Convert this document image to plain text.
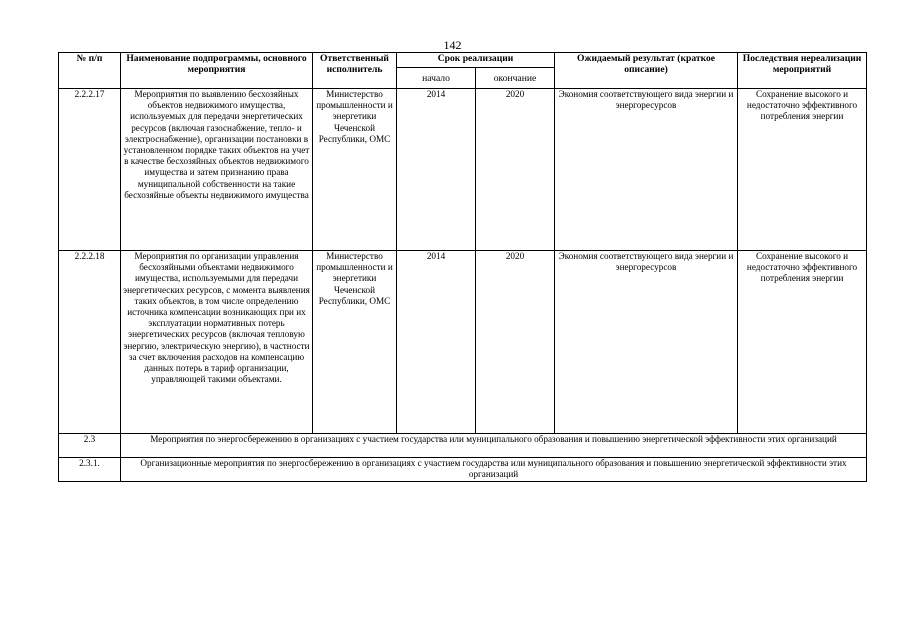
142
№ п/п	Наименование подпрограммы, основного мероприятия	Ответственный исполнитель	Срок реализации		Ожидаемый результат (краткое описание)	Последствия нереализации мероприятий
			начало	окончание		
2.2.2.17	Мероприятия по выявлению бесхозяйных объектов недвижимого имущества, используемых для передачи энергетических ресурсов (включая газоснабжение, тепло- и электроснабжение), организации постановки в установленном порядке таких объектов на учет в качестве бесхозяйных объектов недвижимого имущества и затем признанию права муниципальной собственности на такие бесхозяйные объекты недвижимого имущества	Министерство промышленности и энергетики Чеченской Республики, ОМС	2014	2020	Экономия соответствующего вида энергии и энергоресурсов	Сохранение высокого и недостаточно эффективного потребления энергии
2.2.2.18	Мероприятия по организации управления бесхозяйными объектами недвижимого имущества, используемыми для передачи энергетических ресурсов, с момента выявления таких объектов, в том числе определению источника компенсации возникающих при их эксплуатации нормативных потерь энергетических ресурсов (включая тепловую энергию, электрическую энергию), в частности за счет включения расходов на компенсацию данных потерь в тариф организации, управляющей такими объектами.	Министерство промышленности и энергетики Чеченской Республики, ОМС	2014	2020	Экономия соответствующего вида энергии и энергоресурсов	Сохранение высокого и недостаточно эффективного потребления энергии
2.3	Мероприятия по энергосбережению в организациях с участием государства или муниципального образования и повышению энергетической эффективности этих организаций					
2.3.1.	Организационные мероприятия по энергосбережению в организациях с участием государства или муниципального образования и повышению энергетической эффективности этих организаций					
